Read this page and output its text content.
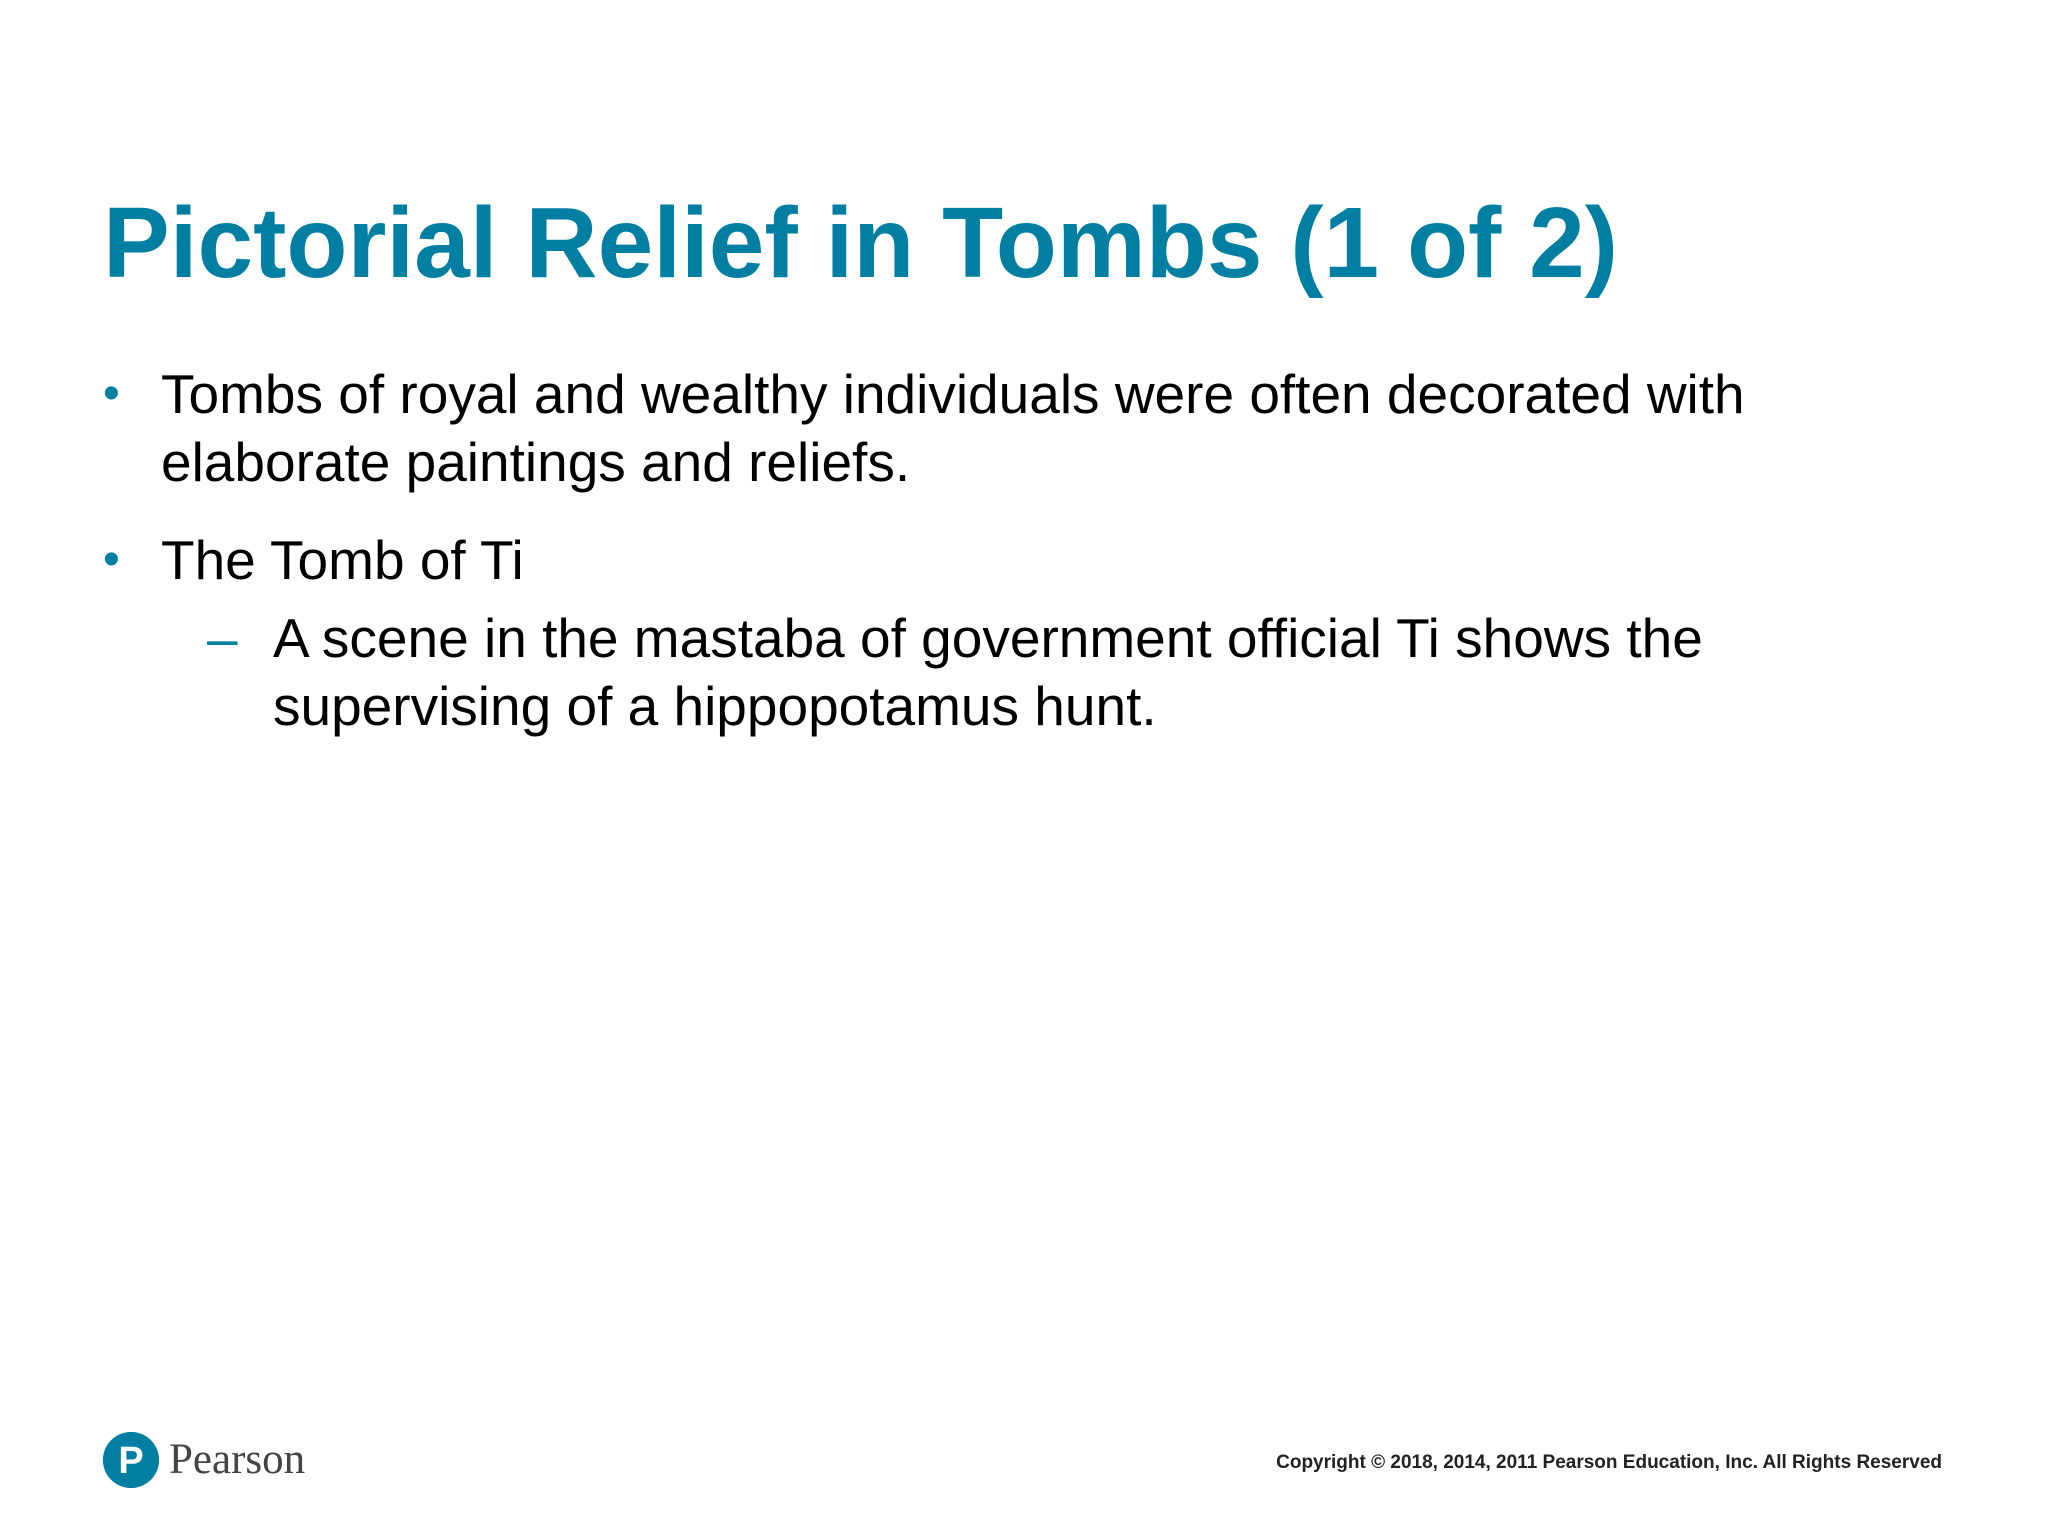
Pictorial Relief in Tombs (1 of 2)
• Tombs of royal and wealthy individuals were often decorated with elaborate paintings and reliefs.
• The Tomb of Ti
– A scene in the mastaba of government official Ti shows the supervising of a hippopotamus hunt.
P Pearson	Copyright © 2018, 2014, 2011 Pearson Education, Inc. All Rights Reserved
